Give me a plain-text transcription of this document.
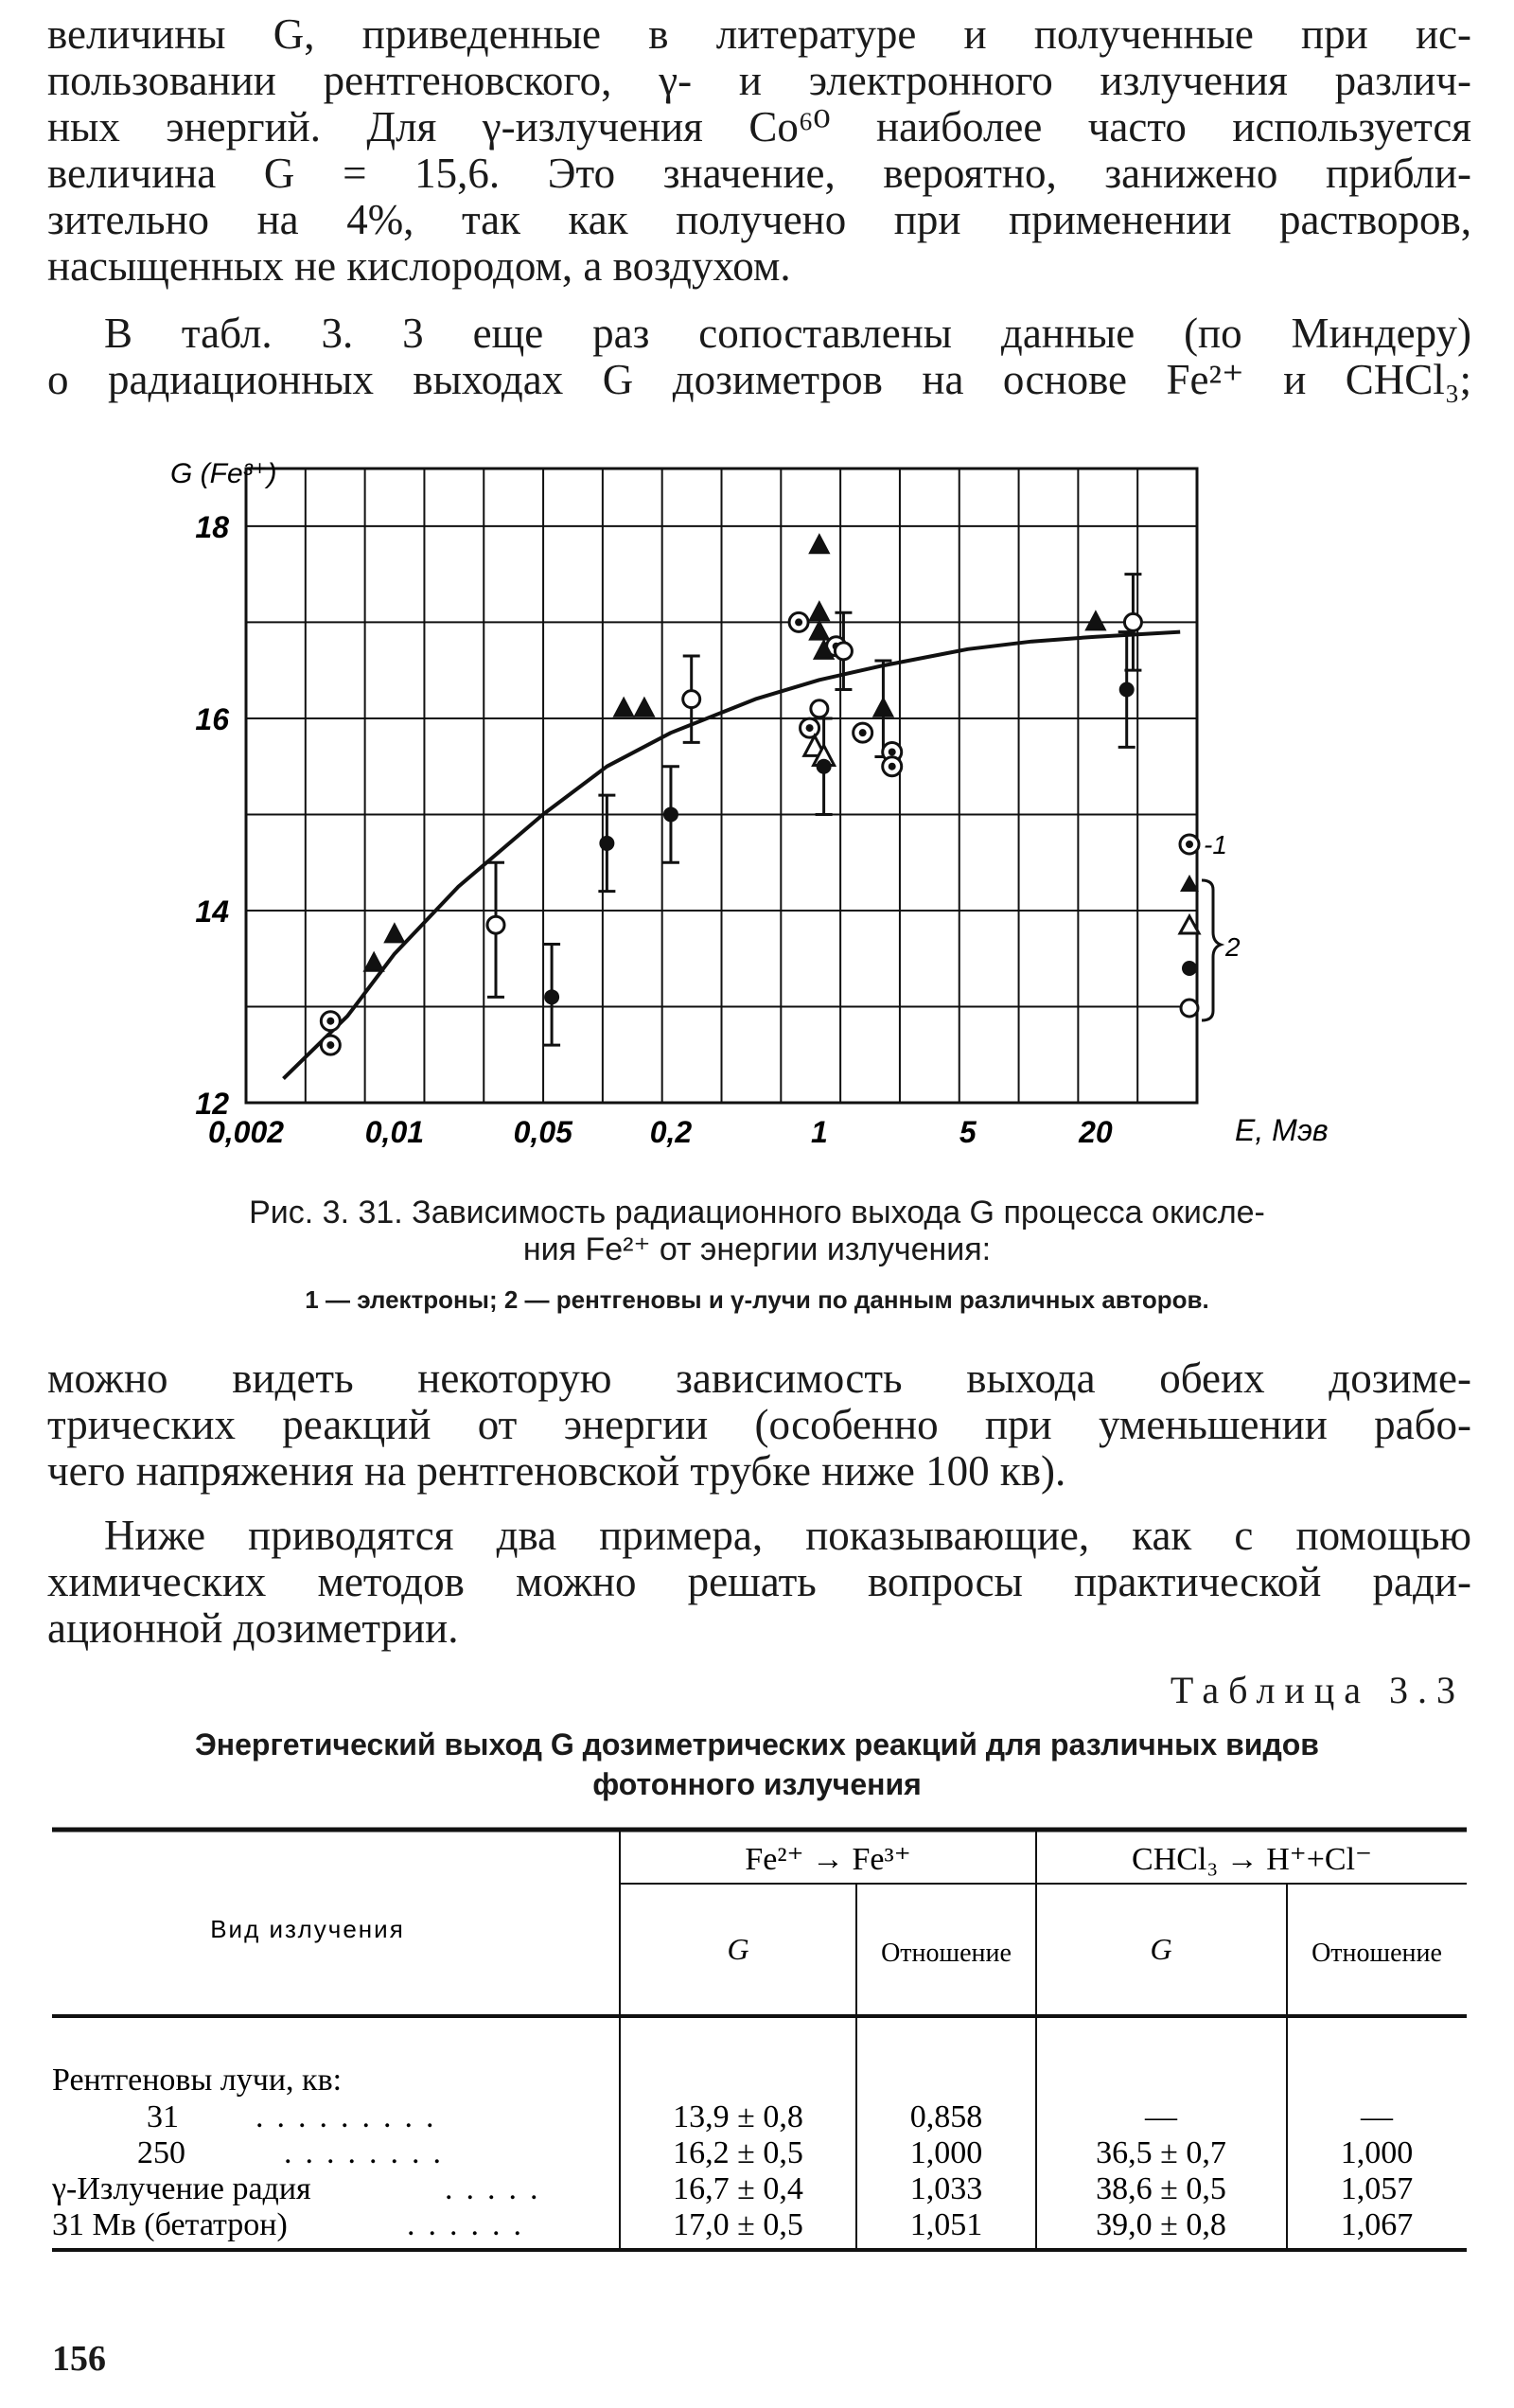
величины G, приведенные в литературе и полученные при ис-
пользовании рентгеновского, γ- и электронного излучения различ-
ных энергий. Для γ-излучения Co⁶⁰ наиболее часто используется
величина G = 15,6. Это значение, вероятно, занижено прибли-
зительно на 4%, так как получено при применении растворов,
насыщенных не кислородом, а воздухом.
В табл. 3. 3 еще раз сопоставлены данные (по Миндеру)
о радиационных выходах G дозиметров на основе Fe²⁺ и CHCl₃;
12
14
16
18
0,002	0,01	0,05	0,2	1	5	20
G (Fe³⁺)
E, Мэв
-1
2

Рис. 3. 31. Зависимость радиационного выхода G процесса окисле-

ния Fe²⁺ от энергии излучения:

1 — электроны; 2 — рентгеновы и γ-лучи по данным различных авторов.

можно видеть некоторую зависимость выхода обеих дозиме-
трических реакций от энергии (особенно при уменьшении рабо-
чего напряжения на рентгеновской трубке ниже 100 кв).
Ниже приводятся два примера, показывающие, как с помощью
химических методов можно решать вопросы практической ради-
ационной дозиметрии.

Таблица 3.3

Энергетический выход G дозиметрических реакций для различных видов
фотонного излучения

Вид излучения
Fe²⁺ → Fe³⁺	CHCl₃ → H⁺+Cl⁻
G	Отношение	G	Отношение
Рентгеновы лучи, кв:
31 .........	13,9 ± 0,8	0,858	—	—
250	........	16,2 ± 0,5	1,000	36,5 ± 0,7	1,000
γ-Излучение радия	.....	16,7 ± 0,4	1,033	38,6 ± 0,5	1,057
31 Мв (бетатрон)	......	17,0 ± 0,5	1,051	39,0 ± 0,8	1,067

156
